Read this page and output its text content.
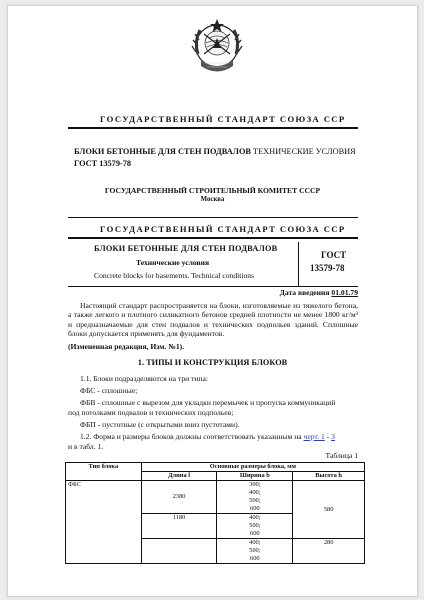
ГОСУДАРСТВЕННЫЙ СТАНДАРТ СОЮЗА ССР
БЛОКИ БЕТОННЫЕ ДЛЯ СТЕН ПОДВАЛОВ ТЕХНИЧЕСКИЕ УСЛОВИЯ
ГОСТ 13579-78
ГОСУДАРСТВЕННЫЙ СТРОИТЕЛЬНЫЙ КОМИТЕТ СССР
Москва
ГОСУДАРСТВЕННЫЙ СТАНДАРТ СОЮЗА ССР
БЛОКИ БЕТОННЫЕ ДЛЯ СТЕН ПОДВАЛОВ
Технические условия
Concrete blocks for basements. Technical conditions
ГОСТ
13579-78
Дата введения 01.01.79
Настоящий стандарт распространяется на блоки, изготовляемые из тяжелого бетона, а также легкого и плотного силикатного бетонов средней плотности не менее 1800 кг/м³ и предназначаемые для стен подвалов и технических подпольев зданий. Сплошные блоки допускается применять для фундаментов.
(Измененная редакция, Изм. №1).
1. ТИПЫ И КОНСТРУКЦИЯ БЛОКОВ
1.1. Блоки подразделяются на три типа:
ФБС - сплошные;
ФБВ - сплошные с вырезом для укладки перемычек и пропуска коммуникаций
под потолками подвалов и технических подпольев;
ФБП - пустотные (с открытыми вниз пустотами).
1.2. Форма и размеры блоков должны соответствовать указанным на черт. 1 - 3
и в табл. 1.
Таблица 1
Тип блока	Основные размеры блока, мм		
	Длина l	Ширина b	Высота h
ФБС	2380	300;
400;
500;
600	580
	1180	400;
500;
600	
		400;
500;
600	280
